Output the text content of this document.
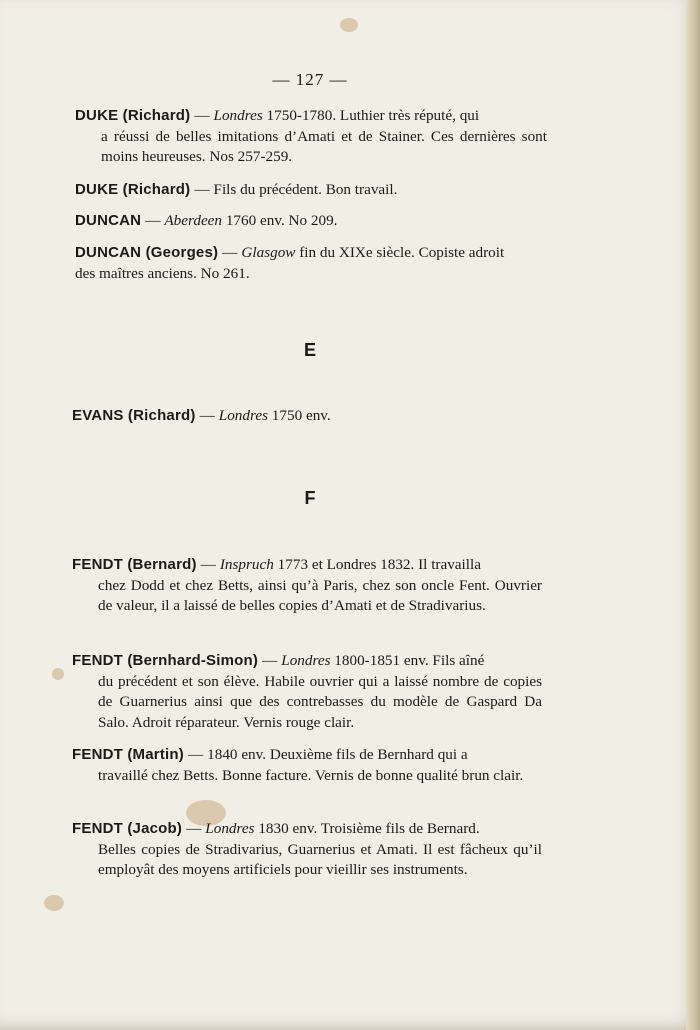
— 127 —
DUKE (Richard) — Londres 1750-1780. Luthier très réputé, qui
a réussi de belles imitations d’Amati et de Stainer. Ces dernières sont moins heureuses. Nos 257-259.
DUKE (Richard) — Fils du précédent. Bon travail.
DUNCAN — Aberdeen 1760 env. No 209.
DUNCAN (Georges) — Glasgow fin du XIXe siècle. Copiste adroit
des maîtres anciens. No 261.
E
EVANS (Richard) — Londres 1750 env.
F
FENDT (Bernard) — Inspruch 1773 et Londres 1832. Il travailla
chez Dodd et chez Betts, ainsi qu’à Paris, chez son oncle Fent. Ouvrier de valeur, il a laissé de belles copies d’Amati et de Stradivarius.
FENDT (Bernhard-Simon) — Londres 1800-1851 env. Fils aîné
du précédent et son élève. Habile ouvrier qui a laissé nombre de copies de Guarnerius ainsi que des contrebasses du modèle de Gaspard Da Salo. Adroit réparateur. Vernis rouge clair.
FENDT (Martin) — 1840 env. Deuxième fils de Bernhard qui a
travaillé chez Betts. Bonne facture. Vernis de bonne qualité brun clair.
FENDT (Jacob) — Londres 1830 env. Troisième fils de Bernard.
Belles copies de Stradivarius, Guarnerius et Amati. Il est fâcheux qu’il employât des moyens artificiels pour vieillir ses instruments.
